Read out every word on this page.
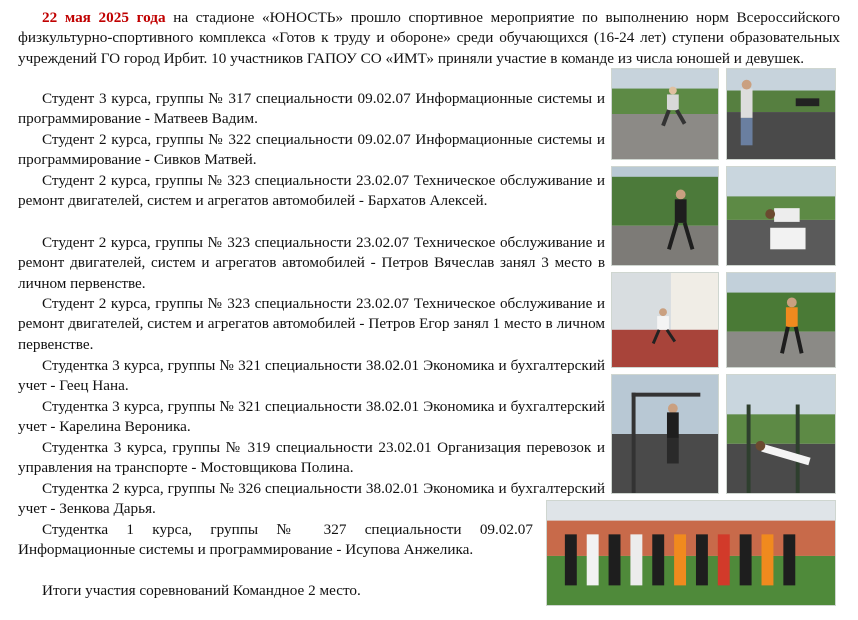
22 мая 2025 года на стадионе «ЮНОСТЬ» прошло спортивное мероприятие по выполнению норм Всероссийского физкультурно-спортивного комплекса «Готов к труду и обороне» среди обучающихся (16-24 лет) ступени образовательных учреждений ГО город Ирбит. 10 участников ГАПОУ СО «ИМТ» приняли участие в команде из числа юношей и девушек.

Студент 3 курса, группы № 317 специальности 09.02.07 Информационные системы и программирование - Матвеев Вадим.

Студент 2 курса, группы № 322 специальности 09.02.07 Информационные системы и программирование - Сивков Матвей.

Студент 2 курса, группы № 323 специальности 23.02.07 Техническое обслуживание и ремонт двигателей, систем и агрегатов автомобилей - Бархатов Алексей.

Студент 2 курса, группы № 323 специальности 23.02.07 Техническое обслуживание и ремонт двигателей, систем и агрегатов автомобилей - Петров Вячеслав занял 3 место в личном первенстве.

Студент 2 курса, группы № 323 специальности 23.02.07 Техническое обслуживание и ремонт двигателей, систем и агрегатов автомобилей - Петров Егор занял 1 место в личном первенстве.

Студентка 3 курса, группы № 321 специальности 38.02.01 Экономика и бухгалтерский учет - Геец Нана.

Студентка 3 курса, группы № 321 специальности 38.02.01 Экономика и бухгалтерский учет - Карелина Вероника.

Студентка 3 курса, группы № 319 специальности 23.02.01 Организация перевозок и управления на транспорте - Мостовщикова Полина.

Студентка 2 курса, группы № 326 специальности 38.02.01 Экономика и бухгалтерский учет - Зенкова Дарья.

Студентка 1 курса, группы № 327 специальности 09.02.07 Информационные системы и программирование - Исупова Анжелика.

Итоги участия соревнований Командное 2 место.
